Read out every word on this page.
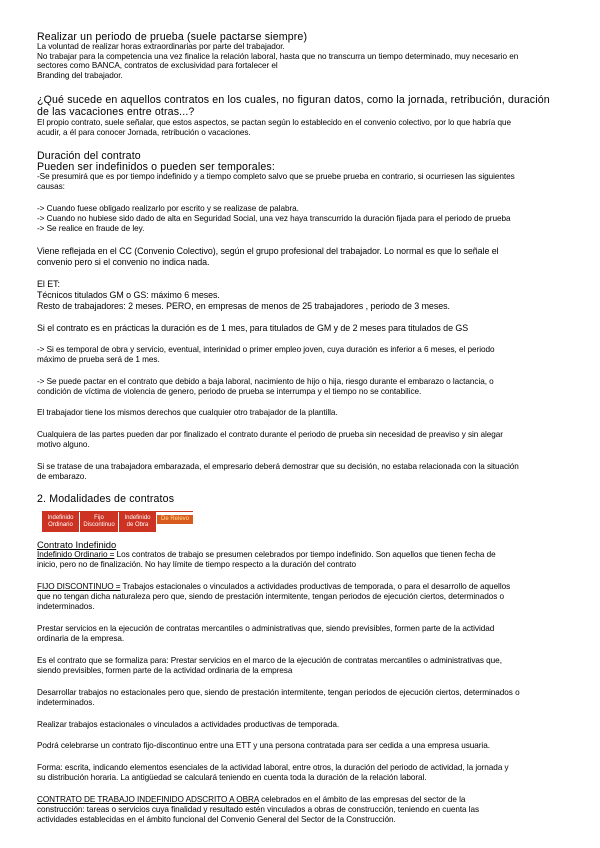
Realizar un periodo de prueba (suele pactarse siempre)
La voluntad de realizar horas extraordinarias por parte del trabajador.
No trabajar para la competencia una vez finalice la relación laboral, hasta que no transcurra un tiempo determinado, muy necesario en
sectores como BANCA, contratos de exclusividad para fortalecer el
Branding del trabajador.
¿Qué sucede en aquellos contratos en los cuales, no figuran datos, como la jornada, retribución, duración
de las vacaciones entre otras...?
El propio contrato, suele señalar, que estos aspectos, se pactan según lo establecido en el convenio colectivo, por lo que habría que
acudir, a él para conocer Jornada, retribución o vacaciones.
Duración del contrato
Pueden ser indefinidos o pueden ser temporales:
-Se presumirá que es por tiempo indefinido y a tiempo completo salvo que se pruebe prueba en contrario, si ocurriesen las siguientes
causas:
-> Cuando fuese obligado realizarlo por escrito y se realizase de palabra.
-> Cuando no hubiese sido dado de alta en Seguridad Social, una vez haya transcurrido la duración fijada para el periodo de prueba
-> Se realice en fraude de ley.
Viene reflejada en el CC (Convenio Colectivo), según el grupo profesional del trabajador. Lo normal es que lo señale el
convenio pero si el convenio no indica nada.
El ET:
Técnicos titulados GM o GS: máximo 6 meses.
Resto de trabajadores: 2 meses. PERO, en empresas de menos de 25 trabajadores , periodo de 3 meses.
Si el contrato es en prácticas la duración es de 1 mes, para titulados de GM y de 2 meses para titulados de GS
-> Si es temporal de obra y servicio, eventual, interinidad o primer empleo joven, cuya duración es inferior a 6 meses, el periodo
máximo de prueba será de 1 mes.
-> Se puede pactar en el contrato que debido a baja laboral, nacimiento de hijo o hija, riesgo durante el embarazo o lactancia, o
condición de víctima de violencia de genero, periodo de prueba se interrumpa y el tiempo no se contabilice.
El trabajador tiene los mismos derechos que cualquier otro trabajador de la plantilla.
Cualquiera de las partes pueden dar por finalizado el contrato durante el periodo de prueba sin necesidad de preaviso y sin alegar
motivo alguno.
Si se tratase de una trabajadora embarazada, el empresario deberá demostrar que su decisión, no estaba relacionada con la situación
de embarazo.
2. Modalidades de contratos
Indefinido
Ordinario
Fijo
Discontinuo
Indefinido
de Obra
De Relevo
Contrato Indefinido
Indefinido Ordinario = Los contratos de trabajo se presumen celebrados por tiempo indefinido. Son aquellos que tienen fecha de
inicio, pero no de finalización. No hay límite de tiempo respecto a la duración del contrato
FIJO DISCONTINUO = Trabajos estacionales o vinculados a actividades productivas de temporada, o para el desarrollo de aquellos
que no tengan dicha naturaleza pero que, siendo de prestación intermitente, tengan periodos de ejecución ciertos, determinados o
indeterminados.
Prestar servicios en la ejecución de contratas mercantiles o administrativas que, siendo previsibles, formen parte de la actividad
ordinaria de la empresa.
Es el contrato que se formaliza para: Prestar servicios en el marco de la ejecución de contratas mercantiles o administrativas que,
siendo previsibles, formen parte de la actividad ordinaria de la empresa
Desarrollar trabajos no estacionales pero que, siendo de prestación intermitente, tengan periodos de ejecución ciertos, determinados o
indeterminados.
Realizar trabajos estacionales o vinculados a actividades productivas de temporada.
Podrá celebrarse un contrato fijo-discontinuo entre una ETT y una persona contratada para ser cedida a una empresa usuaria.
Forma: escrita, indicando elementos esenciales de la actividad laboral, entre otros, la duración del periodo de actividad, la jornada y
su distribución horaria. La antigüedad se calculará teniendo en cuenta toda la duración de la relación laboral.
CONTRATO DE TRABAJO INDEFINIDO ADSCRITO A OBRA celebrados en el ámbito de las empresas del sector de la
construcción: tareas o servicios cuya finalidad y resultado estén vinculados a obras de construcción, teniendo en cuenta las
actividades establecidas en el ámbito funcional del Convenio General del Sector de la Construcción.
